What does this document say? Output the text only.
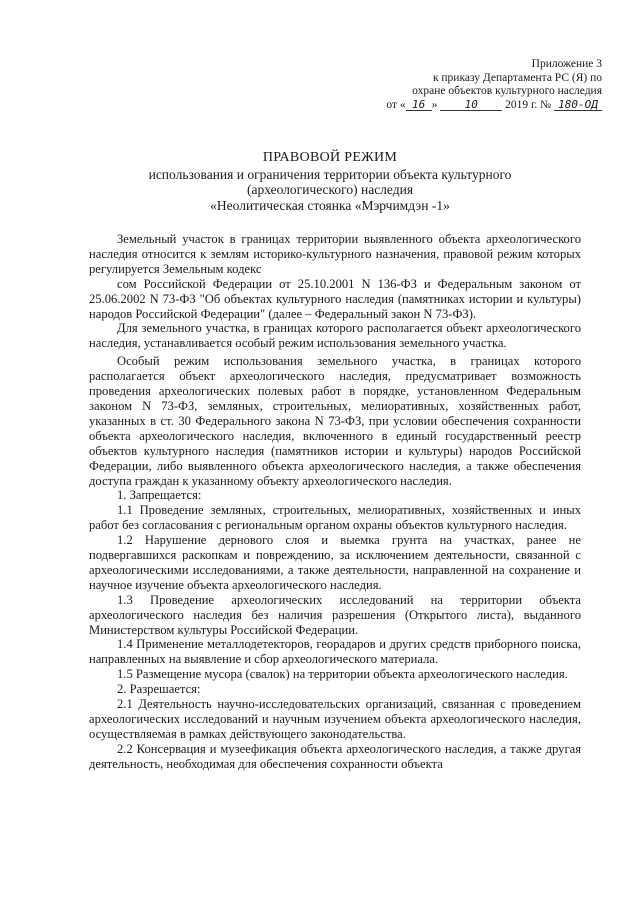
Приложение 3
к приказу Департамента РС (Я) по
охране объектов культурного наследия
от « 16 » 10 2019 г. № 180-ОД
ПРАВОВОЙ РЕЖИМ
использования и ограничения территории объекта культурного
(археологического) наследия
«Неолитическая стоянка «Мэрчимдэн -1»

Земельный участок в границах территории выявленного объекта археологического наследия относится к землям историко-культурного назначения, правовой режим которых регулируется Земельным кодекс

сом Российской Федерации от 25.10.2001 N 136-ФЗ и Федеральным законом от 25.06.2002 N 73-ФЗ "Об объектах культурного наследия (памятниках истории и культуры) народов Российской Федерации" (далее – Федеральный закон N 73-ФЗ).

Для земельного участка, в границах которого располагается объект археологического наследия, устанавливается особый режим использования земельного участка.

Особый режим использования земельного участка, в границах которого располагается объект археологического наследия, предусматривает возможность проведения археологических полевых работ в порядке, установленном Федеральным законом N 73-ФЗ, земляных, строительных, мелиоративных, хозяйственных работ, указанных в ст. 30 Федерального закона N 73-ФЗ, при условии обеспечения сохранности объекта археологического наследия, включенного в единый государственный реестр объектов культурного наследия (памятников истории и культуры) народов Российской Федерации, либо выявленного объекта археологического наследия, а также обеспечения доступа граждан к указанному объекту археологического наследия.

1. Запрещается:

1.1 Проведение земляных, строительных, мелиоративных, хозяйственных и иных работ без согласования с региональным органом охраны объектов культурного наследия.

1.2 Нарушение дернового слоя и выемка грунта на участках, ранее не подвергавшихся раскопкам и повреждению, за исключением деятельности, связанной с археологическими исследованиями, а также деятельности, направленной на сохранение и научное изучение объекта археологического наследия.

1.3 Проведение археологических исследований на территории объекта археологического наследия без наличия разрешения (Открытого листа), выданного Министерством культуры Российской Федерации.

1.4 Применение металлодетекторов, георадаров и других средств приборного поиска, направленных на выявление и сбор археологического материала.

1.5 Размещение мусора (свалок) на территории объекта археологического наследия.

2. Разрешается:

2.1 Деятельность научно-исследовательских организаций, связанная с проведением археологических исследований и научным изучением объекта археологического наследия, осуществляемая в рамках действующего законодательства.

2.2 Консервация и музеефикация объекта археологического наследия, а также другая деятельность, необходимая для обеспечения сохранности объекта
